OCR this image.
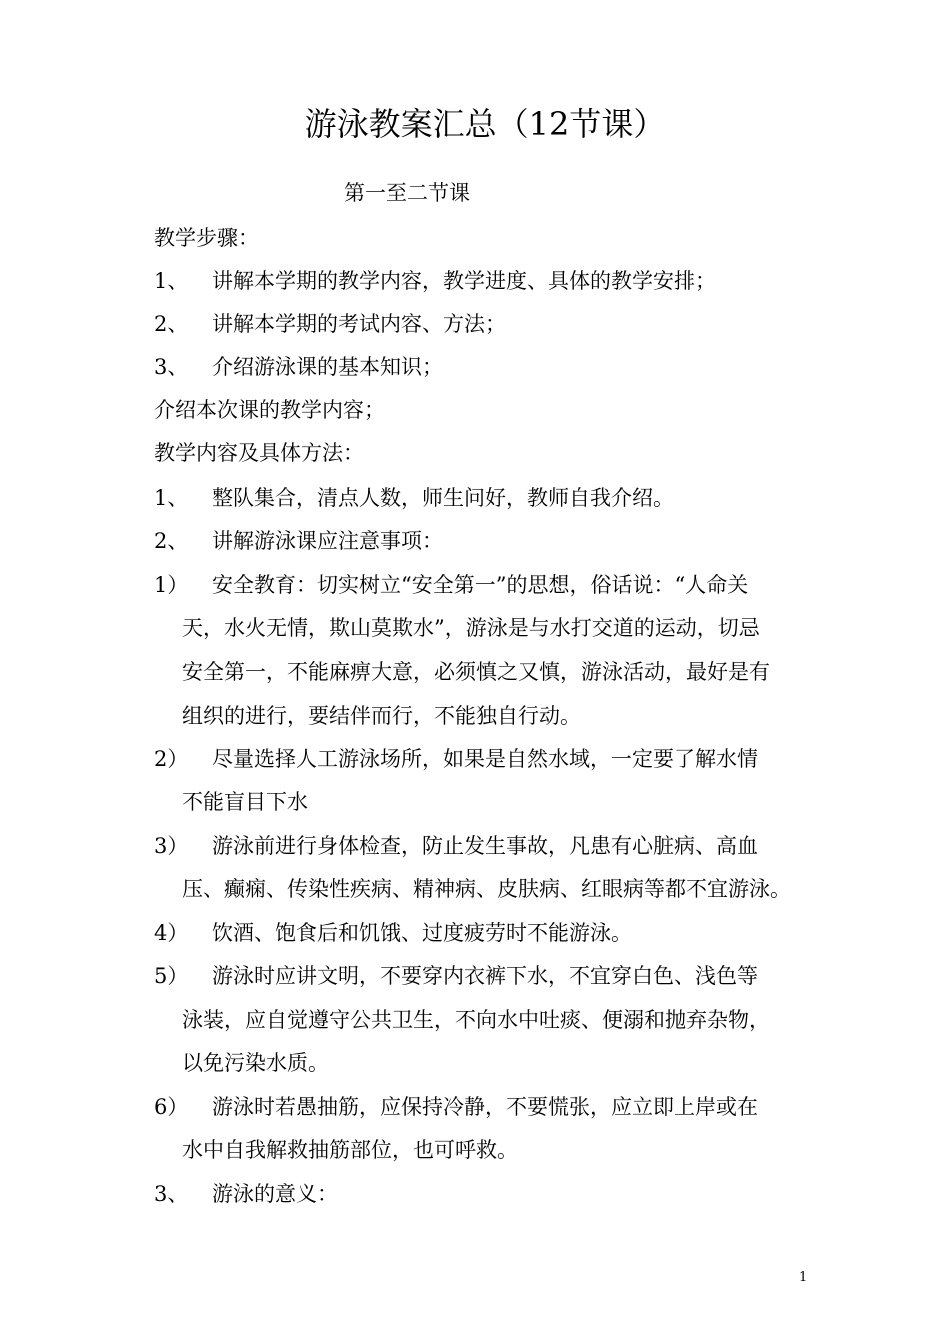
游泳教案汇总（12节课）
第一至二节课
教学步骤：
1、 讲解本学期的教学内容，教学进度、具体的教学安排；
2、 讲解本学期的考试内容、方法；
3、 介绍游泳课的基本知识；
介绍本次课的教学内容；
教学内容及具体方法：
1、 整队集合，清点人数，师生问好，教师自我介绍。
2、 讲解游泳课应注意事项：
1） 安全教育：切实树立“安全第一”的思想，俗话说：“人命关
天，水火无情，欺山莫欺水”，游泳是与水打交道的运动，切忌
安全第一，不能麻痹大意，必须慎之又慎，游泳活动，最好是有
组织的进行，要结伴而行，不能独自行动。
2） 尽量选择人工游泳场所，如果是自然水域，一定要了解水情
不能盲目下水
3） 游泳前进行身体检查，防止发生事故，凡患有心脏病、高血
压、癫痫、传染性疾病、精神病、皮肤病、红眼病等都不宜游泳。
4） 饮酒、饱食后和饥饿、过度疲劳时不能游泳。
5） 游泳时应讲文明，不要穿内衣裤下水，不宜穿白色、浅色等
泳装，应自觉遵守公共卫生，不向水中吐痰、便溺和抛弃杂物，
以免污染水质。
6） 游泳时若愚抽筋，应保持冷静，不要慌张，应立即上岸或在
水中自我解救抽筋部位，也可呼救。
3、 游泳的意义：
1
